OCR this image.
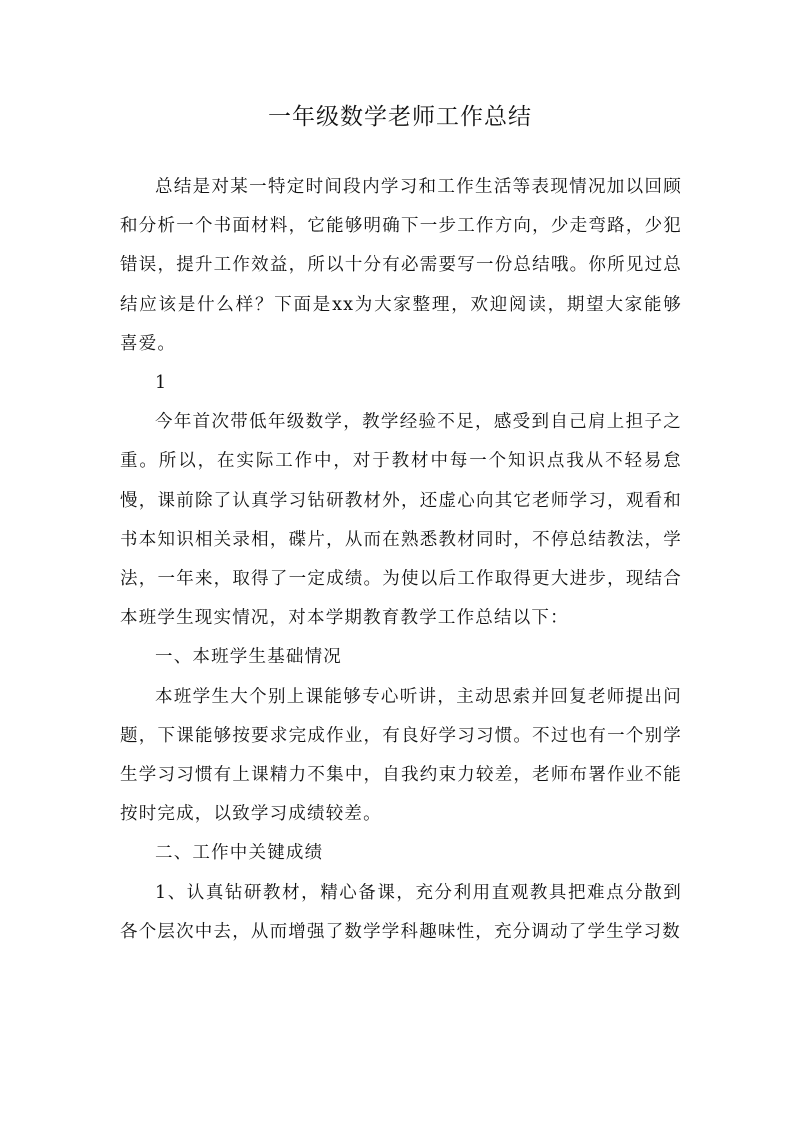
一年级数学老师工作总结

总结是对某一特定时间段内学习和工作生活等表现情况加以回顾和分析一个书面材料，它能够明确下一步工作方向，少走弯路，少犯错误，提升工作效益，所以十分有必需要写一份总结哦。你所见过总结应该是什么样？下面是xx为大家整理，欢迎阅读，期望大家能够喜爱。

1

今年首次带低年级数学，教学经验不足，感受到自己肩上担子之重。所以，在实际工作中，对于教材中每一个知识点我从不轻易怠慢，课前除了认真学习钻研教材外，还虚心向其它老师学习，观看和书本知识相关录相，碟片，从而在熟悉教材同时，不停总结教法，学法，一年来，取得了一定成绩。为使以后工作取得更大进步，现结合本班学生现实情况，对本学期教育教学工作总结以下：

一、本班学生基础情况

本班学生大个别上课能够专心听讲，主动思索并回复老师提出问题，下课能够按要求完成作业，有良好学习习惯。不过也有一个别学生学习习惯有上课精力不集中，自我约束力较差，老师布署作业不能按时完成，以致学习成绩较差。

二、工作中关键成绩

1、认真钻研教材，精心备课，充分利用直观教具把难点分散到各个层次中去，从而增强了数学学科趣味性，充分调动了学生学习数
